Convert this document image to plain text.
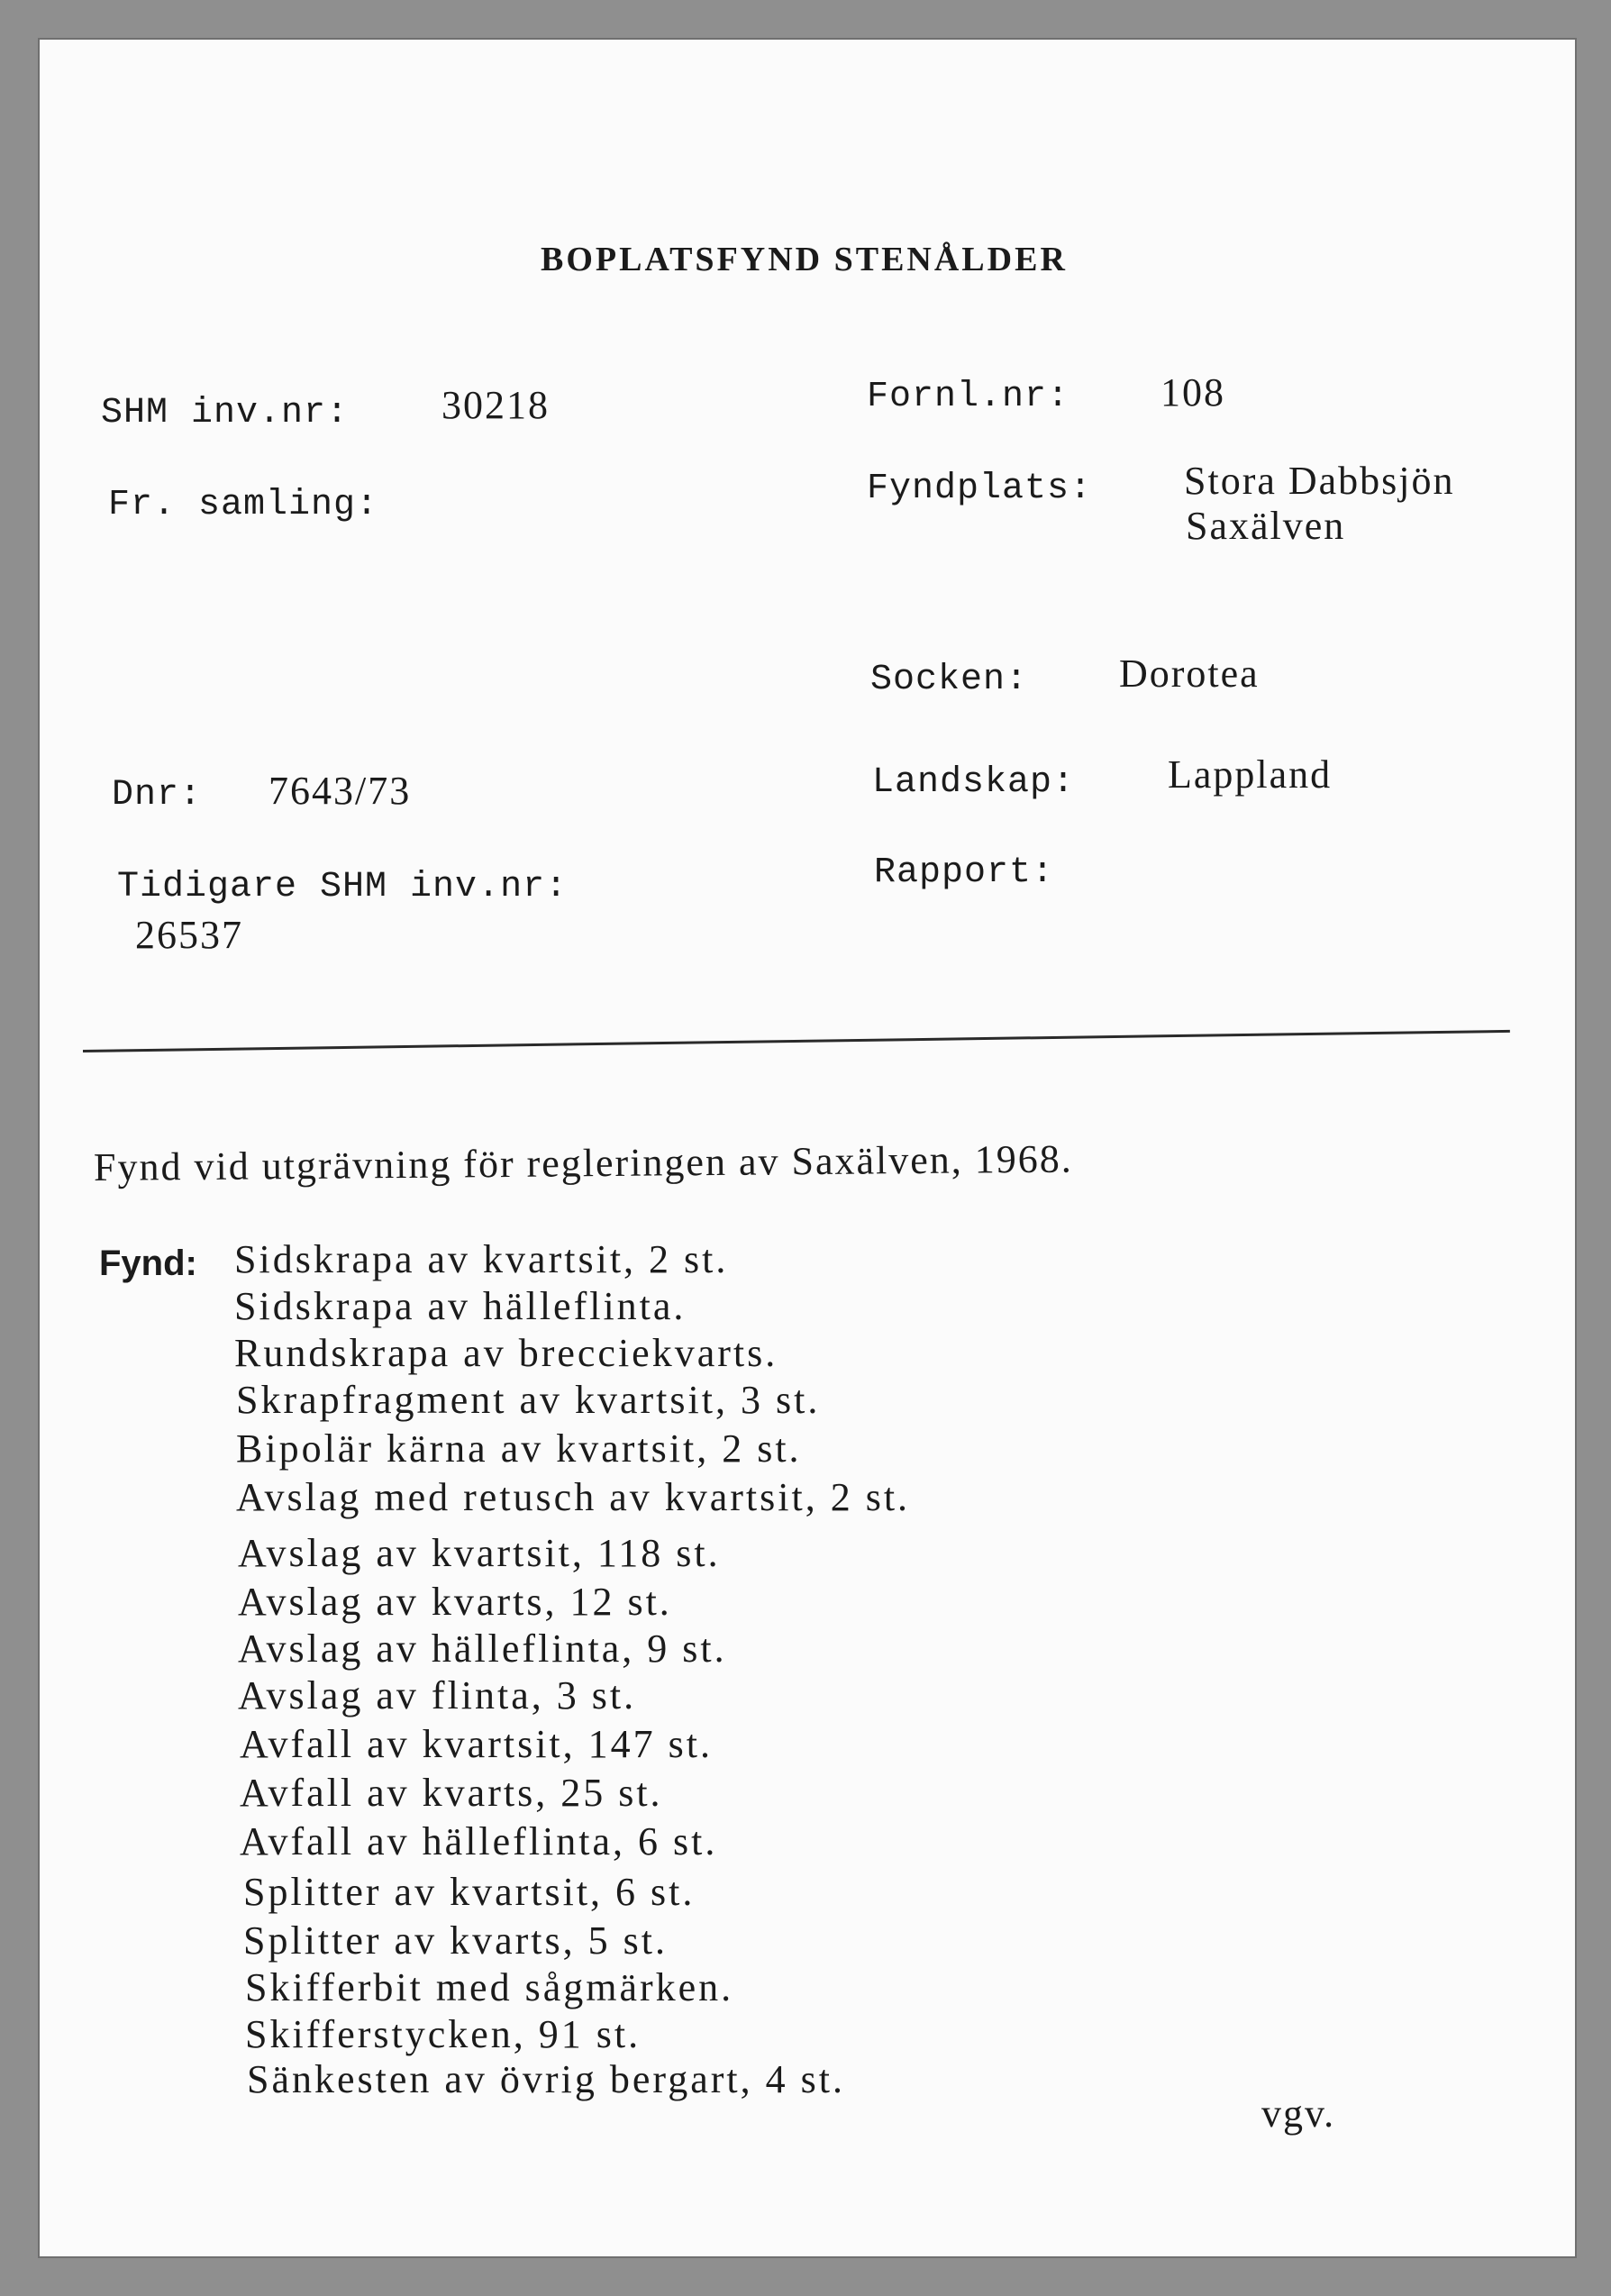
BOPLATSFYND STENÅLDER
SHM inv.nr: 30218
Fr. samling:
Dnr: 7643/73
Tidigare SHM inv.nr:
26537
Fornl.nr: 108
Fyndplats: Stora Dabbsjön
Saxälven
Socken: Dorotea
Landskap: Lappland
Rapport:
Fynd vid utgrävning för regleringen av Saxälven, 1968.
Fynd: Sidskrapa av kvartsit, 2 st.
Sidskrapa av hälleflinta.
Rundskrapa av brecciekvarts.
Skrapfragment av kvartsit, 3 st.
Bipolär kärna av kvartsit, 2 st.
Avslag med retusch av kvartsit, 2 st.
Avslag av kvartsit, 118 st.
Avslag av kvarts, 12 st.
Avslag av hälleflinta, 9 st.
Avslag av flinta, 3 st.
Avfall av kvartsit, 147 st.
Avfall av kvarts, 25 st.
Avfall av hälleflinta, 6 st.
Splitter av kvartsit, 6 st.
Splitter av kvarts, 5 st.
Skifferbit med sågmärken.
Skifferstycken, 91 st.
Sänkesten av övrig bergart, 4 st.
vgv.
